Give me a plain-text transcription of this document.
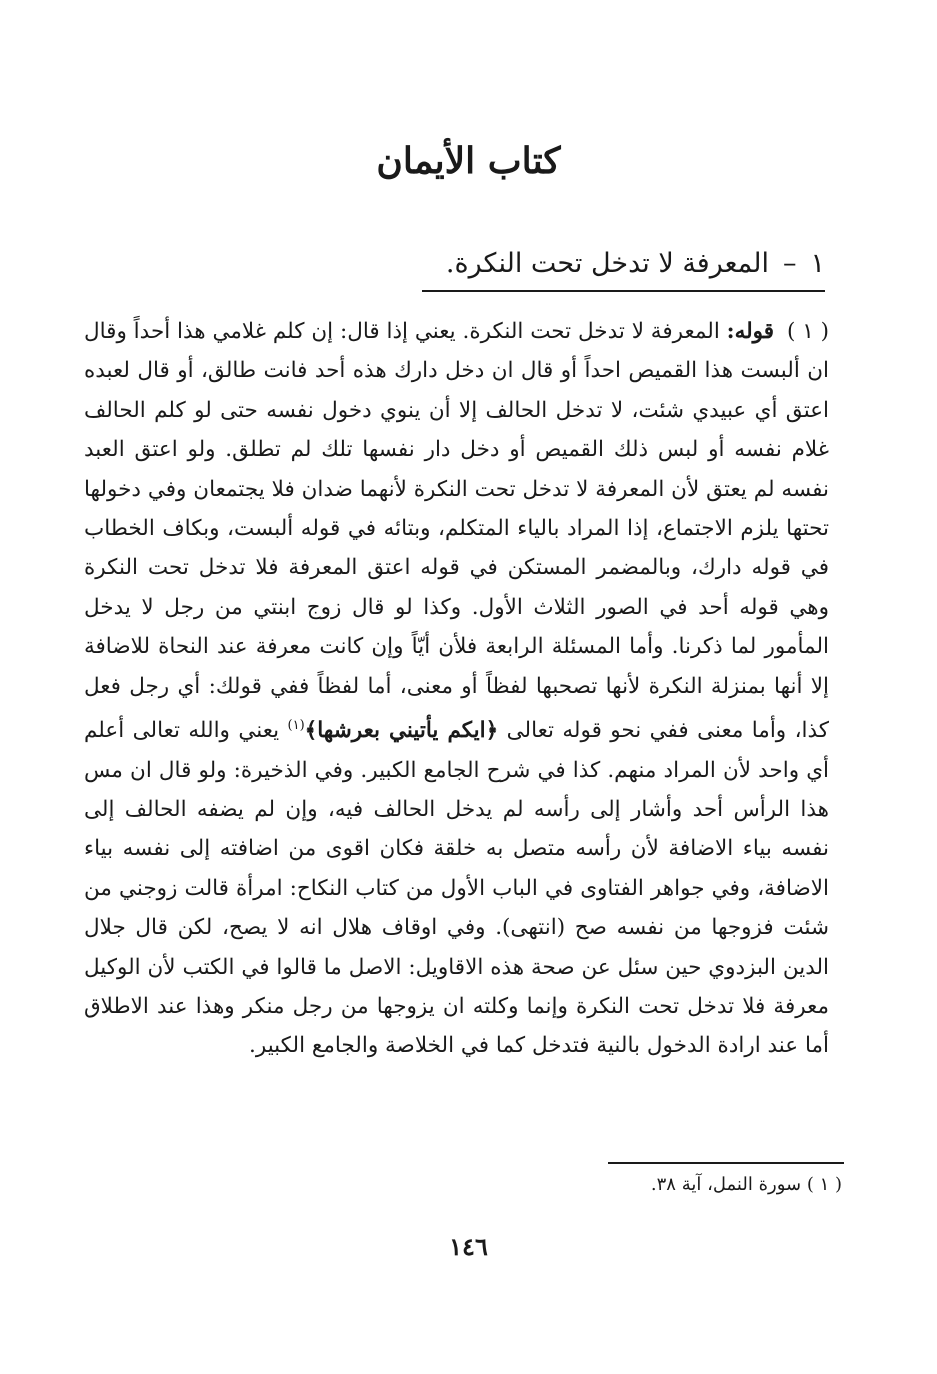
كتاب الأيمان
١–المعرفة لا تدخل تحت النكرة.
( ١ ) قوله: المعرفة لا تدخل تحت النكرة. يعني إذا قال: إن كلم غلامي هذا أحداً وقال ان ألبست هذا القميص احداً أو قال ان دخل دارك هذه أحد فانت طالق، أو قال لعبده اعتق أي عبيدي شئت، لا تدخل الحالف إلا أن ينوي دخول نفسه حتى لو كلم الحالف غلام نفسه أو لبس ذلك القميص أو دخل دار نفسها تلك لم تطلق. ولو اعتق العبد نفسه لم يعتق لأن المعرفة لا تدخل تحت النكرة لأنهما ضدان فلا يجتمعان وفي دخولها تحتها يلزم الاجتماع، إذا المراد بالياء المتكلم، وبتائه في قوله ألبست، وبكاف الخطاب في قوله دارك، وبالمضمر المستكن في قوله اعتق المعرفة فلا تدخل تحت النكرة وهي قوله أحد في الصور الثلاث الأول. وكذا لو قال زوج ابنتي من رجل لا يدخل المأمور لما ذكرنا. وأما المسئلة الرابعة فلأن أيّاً وإن كانت معرفة عند النحاة للاضافة إلا أنها بمنزلة النكرة لأنها تصحبها لفظاً أو معنى، أما لفظاً ففي قولك: أي رجل فعل كذا، وأما معنى ففي نحو قوله تعالى ﴿ايكم يأتيني بعرشها﴾$^{(١)}$ يعني والله تعالى أعلم أي واحد لأن المراد منهم. كذا في شرح الجامع الكبير. وفي الذخيرة: ولو قال ان مس هذا الرأس أحد وأشار إلى رأسه لم يدخل الحالف فيه، وإن لم يضفه الحالف إلى نفسه بياء الاضافة لأن رأسه متصل به خلقة فكان اقوى من اضافته إلى نفسه بياء الاضافة، وفي جواهر الفتاوى في الباب الأول من كتاب النكاح: امرأة قالت زوجني من شئت فزوجها من نفسه صح (انتهى). وفي اوقاف هلال انه لا يصح، لكن قال جلال الدين البزدوي حين سئل عن صحة هذه الاقاويل: الاصل ما قالوا في الكتب لأن الوكيل معرفة فلا تدخل تحت النكرة وإنما وكلته ان يزوجها من رجل منكر وهذا عند الاطلاق أما عند ارادة الدخول بالنية فتدخل كما في الخلاصة والجامع الكبير.
( ١ ) سورة النمل، آية ٣٨.
١٤٦
